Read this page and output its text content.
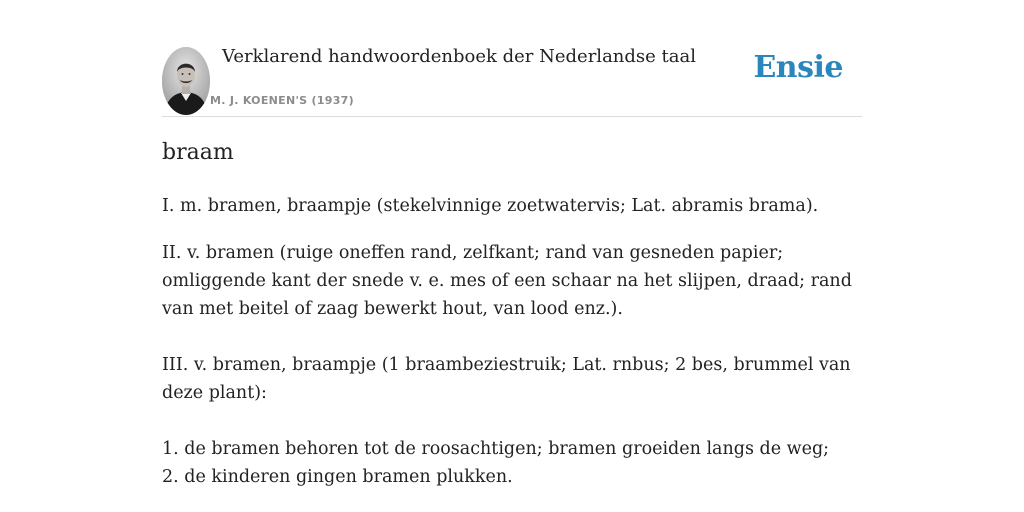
Verklarend handwoordenboek der Nederlandse taal
M. J. KOENEN'S (1937)
Ensie
braam

I. m. bramen, braampje (stekelvinnige zoetwatervis; Lat. abramis brama).

II. v. bramen (ruige oneffen rand, zelfkant; rand van gesneden papier; omliggende kant der snede v. e. mes of een schaar na het slijpen, draad; rand van met beitel of zaag bewerkt hout, van lood enz.).

III. v. bramen, braampje (1 braambeziestruik; Lat. rnbus; 2 bes, brummel van deze plant):

1. de bramen behoren tot de roosachtigen; bramen groeiden langs de weg;

2. de kinderen gingen bramen plukken.
